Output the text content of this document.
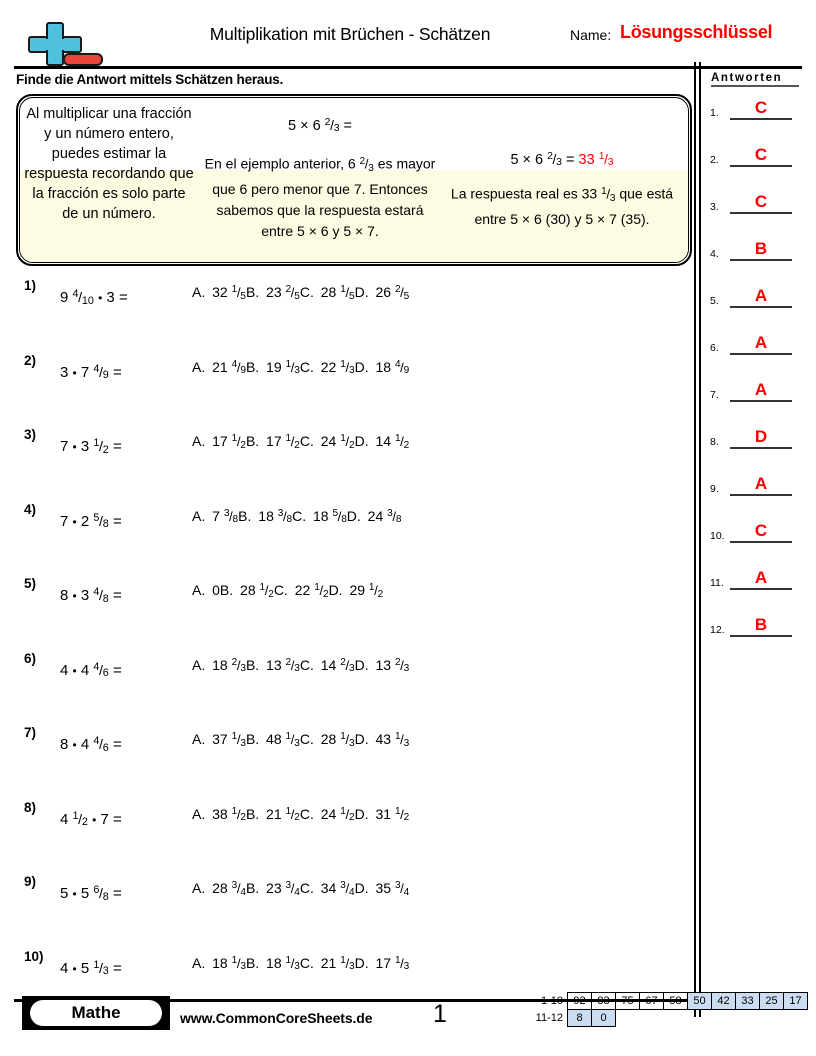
Multiplikation mit Brüchen - Schätzen	Name: Lösungsschlüssel
Finde die Antwort mittels Schätzen heraus.	Antworten
1.	C
2.	C
3.	C
4.	B
5.	A
6.	A
7.	A
8.	D
9.	A
10.	C
11.	A
12.	B
Al multiplicar una fracción y un número entero, puedes estimar la respuesta recordando que la fracción es solo parte de un número.
5 × 6 $^2/_3$ =
En el ejemplo anterior, 6 $^2/_3$ es mayor que 6 pero menor que 7. Entonces sabemos que la respuesta estará entre 5 × 6 y 5 × 7.
5 × 6 $^2/_3 = 33$ $^1/_3$
La respuesta real es 33 $^1/_3$ que está entre 5 × 6 (30) y 5 × 7 (35).
1)
9 $^4/_{10}$ • 3 =	A. 32 $^1/_5B$. 23 $^2/_5C$. 28 $^1/_5D$. 26 $^2/_5$
2)
3 • 7 $^4/_9$ =	A. 21 $^4/_9B$. 19 $^1/_3C$. 22 $^1/_3D$. 18 $^4/_9$
3)
7 • 3 $^1/_2$ =	A. 17 $^1/_2B$. 17 $^1/_2C$. 24 $^1/_2D$. 14 $^1/_2$
4)
7 • 2 $^5/_8$ =	A. 7 $^3/_8B$. 18 $^3/_8C$. 18 $^5/_8D$. 24 $^3/_8$
5)
8 • 3 $^4/_8$ =	A. 0B. 28 $^1/_2C$. 22 $^1/_2D$. 29 $^1/_2$
6)
4 • 4 $^4/_6$ =	A. 18 $^2/_3B$. 13 $^2/_3C$. 14 $^2/_3D$. 13 $^2/_3$
7)
8 • 4 $^4/_6$ =	A. 37 $^1/_3B$. 48 $^1/_3C$. 28 $^1/_3D$. 43 $^1/_3$
8)
4 $^1/_2$ • 7 =	A. 38 $^1/_2B$. 21 $^1/_2C$. 24 $^1/_2D$. 31 $^1/_2$
9)
5 • 5 $^6/_8$ =	A. 28 $^3/_4B$. 23 $^3/_4C$. 34 $^3/_4D$. 35 $^3/_4$
10)
4 • 5 $^1/_3$ =	A. 18 $^1/_3B$. 18 $^1/_3C$. 21 $^1/_3D$. 17 $^1/_3$
Mathe	www.CommonCoreSheets.de	1	1-10	92	83	75	67	58	50	42	33	25	17
11-12	8	0								
